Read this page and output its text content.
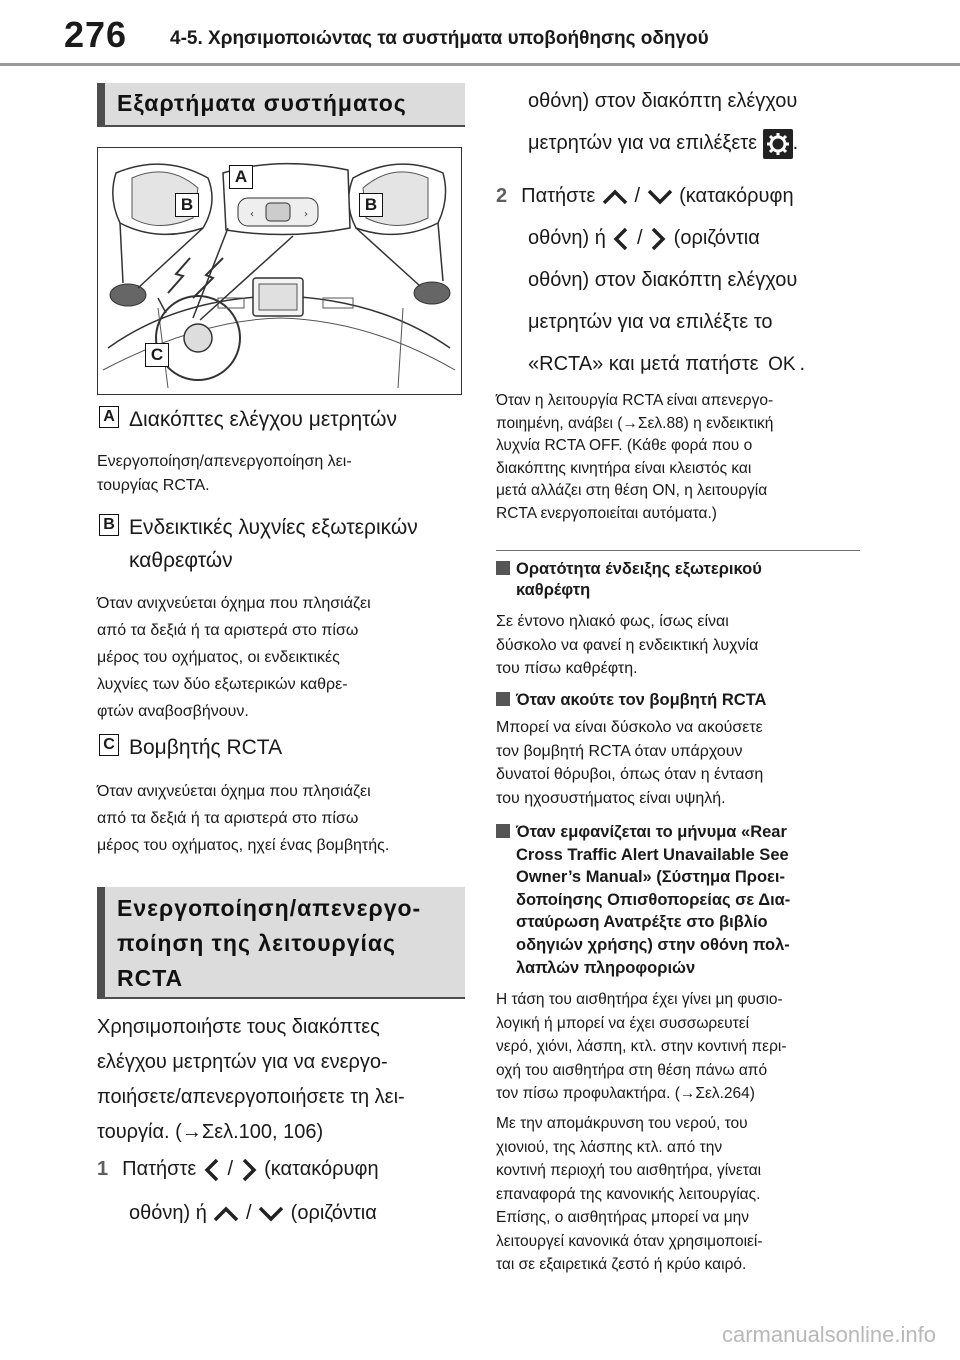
276 4-5. Χρησιμοποιώντας τα συστήματα υποβοήθησης οδηγού
Εξαρτήματα συστήματος
‹	›
A
B	B
C
A Διακόπτες ελέγχου μετρητών
Ενεργοποίηση/απενεργοποίηση λει-
τουργίας RCTA.
B Ενδεικτικές λυχνίες εξωτερικών
καθρεφτών
Όταν ανιχνεύεται όχημα που πλησιάζει
από τα δεξιά ή τα αριστερά στο πίσω
μέρος του οχήματος, οι ενδεικτικές
λυχνίες των δύο εξωτερικών καθρε-
φτών αναβοσβήνουν.
C Βομβητής RCTA
Όταν ανιχνεύεται όχημα που πλησιάζει
από τα δεξιά ή τα αριστερά στο πίσω
μέρος του οχήματος, ηχεί ένας βομβητής.
Ενεργοποίηση/απενεργο-
ποίηση της λειτουργίας
RCTA
Χρησιμοποιήστε τους διακόπτες
ελέγχου μετρητών για να ενεργο-
ποιήσετε/απενεργοποιήσετε τη λει-
τουργία. (→Σελ.100, 106)
1 Πατήστε / (κατακόρυφη
οθόνη) ή / (οριζόντια
οθόνη) στον διακόπτη ελέγχου
μετρητών για να επιλέξετε .
2 Πατήστε / (κατακόρυφη
οθόνη) ή / (οριζόντια
οθόνη) στον διακόπτη ελέγχου
μετρητών για να επιλέξτε το
«RCTA» και μετά πατήστε OK .
Όταν η λειτουργία RCTA είναι απενεργο-
ποιημένη, ανάβει (→Σελ.88) η ενδεικτική
λυχνία RCTA OFF. (Κάθε φορά που ο
διακόπτης κινητήρα είναι κλειστός και
μετά αλλάζει στη θέση ON, η λειτουργία
RCTA ενεργοποιείται αυτόματα.)
Ορατότητα ένδειξης εξωτερικού
καθρέφτη
Σε έντονο ηλιακό φως, ίσως είναι
δύσκολο να φανεί η ενδεικτική λυχνία
του πίσω καθρέφτη.
Όταν ακούτε τον βομβητή RCTA
Μπορεί να είναι δύσκολο να ακούσετε
τον βομβητή RCTA όταν υπάρχουν
δυνατοί θόρυβοι, όπως όταν η ένταση
του ηχοσυστήματος είναι υψηλή.
Όταν εμφανίζεται το μήνυμα «Rear
Cross Traffic Alert Unavailable See
Owner’s Manual» (Σύστημα Προει-
δοποίησης Οπισθοπορείας σε Δια-
σταύρωση Ανατρέξτε στο βιβλίο
οδηγιών χρήσης) στην οθόνη πολ-
λαπλών πληροφοριών
Η τάση του αισθητήρα έχει γίνει μη φυσιο-
λογική ή μπορεί να έχει συσσωρευτεί
νερό, χιόνι, λάσπη, κτλ. στην κοντινή περι-
οχή του αισθητήρα στη θέση πάνω από
τον πίσω προφυλακτήρα. (→Σελ.264)
Με την απομάκρυνση του νερού, του
χιονιού, της λάσπης κτλ. από την
κοντινή περιοχή του αισθητήρα, γίνεται
επαναφορά της κανονικής λειτουργίας.
Επίσης, ο αισθητήρας μπορεί να μην
λειτουργεί κανονικά όταν χρησιμοποιεί-
ται σε εξαιρετικά ζεστό ή κρύο καιρό.
carmanualsonline.info
